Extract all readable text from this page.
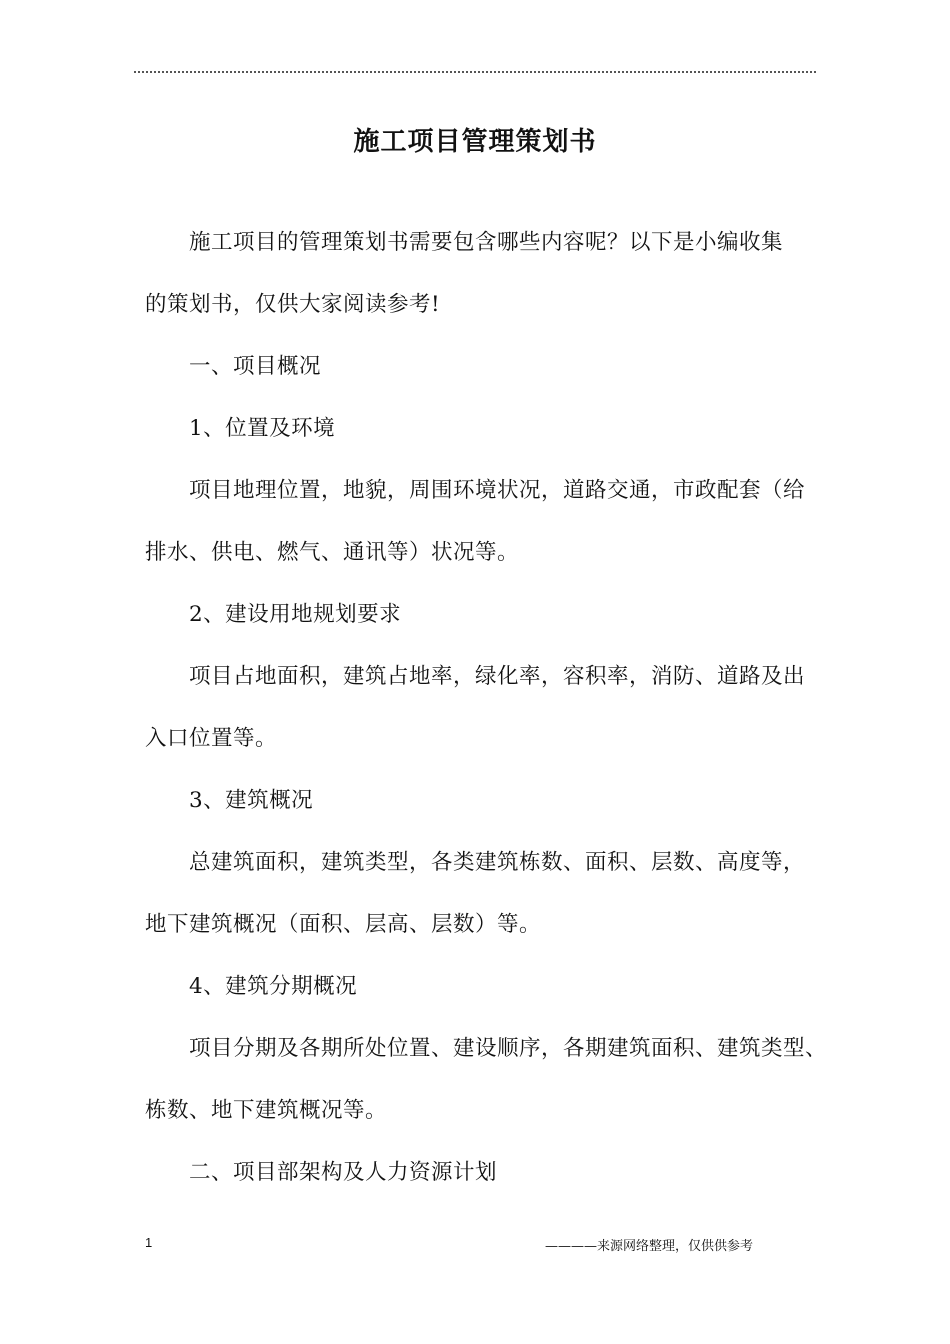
施工项目管理策划书
施工项目的管理策划书需要包含哪些内容呢？以下是小编收集
的策划书，仅供大家阅读参考!
一、项目概况
1、位置及环境
项目地理位置，地貌，周围环境状况，道路交通，市政配套（给
排水、供电、燃气、通讯等）状况等。
2、建设用地规划要求
项目占地面积，建筑占地率，绿化率，容积率，消防、道路及出
入口位置等。
3、建筑概况
总建筑面积，建筑类型，各类建筑栋数、面积、层数、高度等，
地下建筑概况（面积、层高、层数）等。
4、建筑分期概况
项目分期及各期所处位置、建设顺序，各期建筑面积、建筑类型、
栋数、地下建筑概况等。
二、项目部架构及人力资源计划
1	————来源网络整理，仅供供参考
